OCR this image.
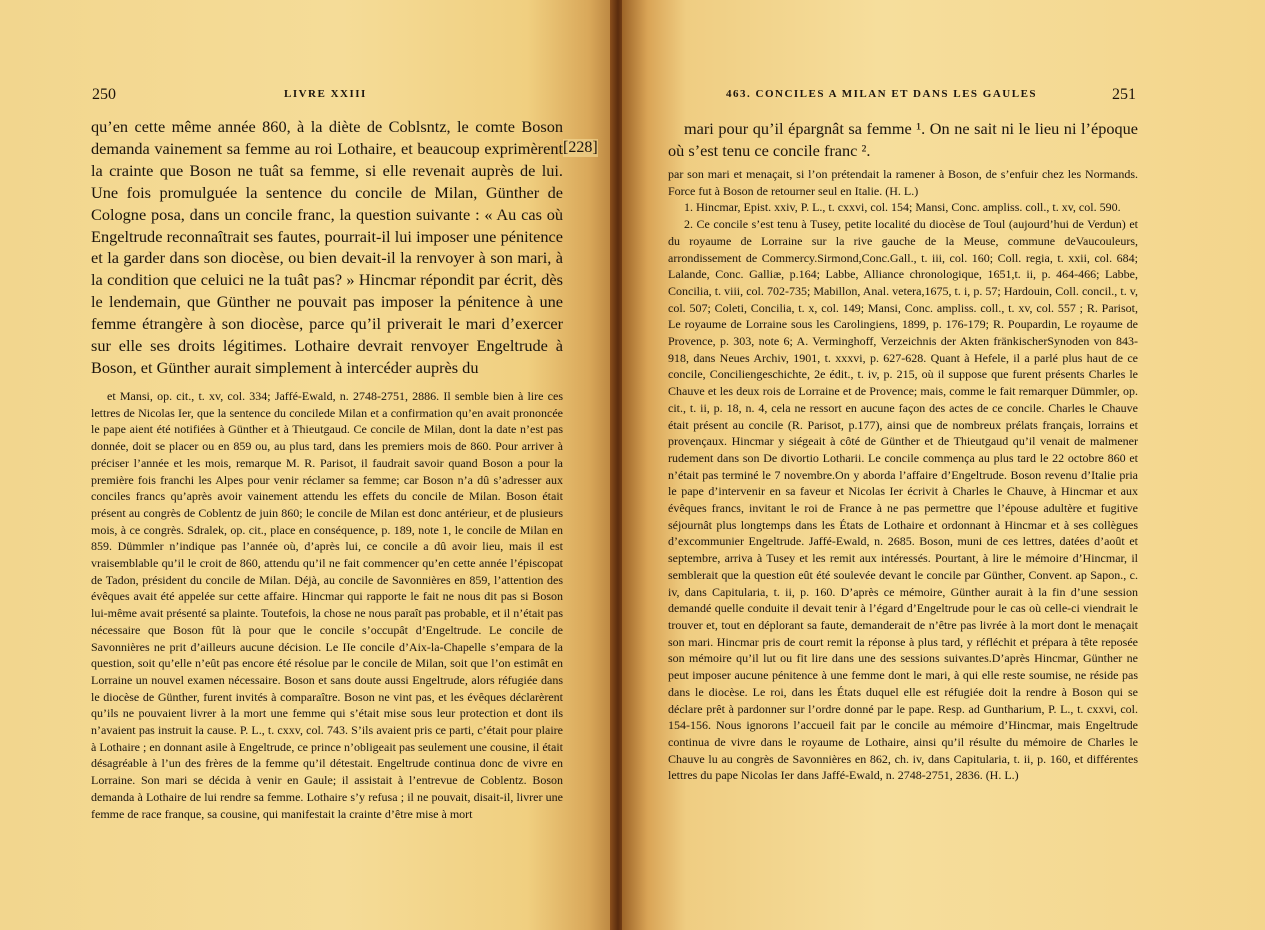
250	LIVRE XXIII

qu’en cette même année 860, à la diète de Coblsntz, le comte Boson demanda vainement sa femme au roi Lothaire, et beaucoup exprimèrent la crainte que Boson ne tuât sa femme, si elle revenait auprès de lui. Une fois promulguée la sentence du concile de Milan, Günther de Cologne posa, dans un concile franc, la question suivante : « Au cas où Engeltrude reconnaîtrait ses fautes, pourrait-il lui imposer une pénitence et la garder dans son diocèse, ou bien devait-il la renvoyer à son mari, à la condition que celuici ne la tuât pas? » Hincmar répondit par écrit, dès le lendemain, que Günther ne pouvait pas imposer la pénitence à une femme étrangère à son diocèse, parce qu’il priverait le mari d’exercer sur elle ses droits légitimes. Lothaire devrait renvoyer Engeltrude à Boson, et Günther aurait simplement à intercéder auprès du

[228]

et Mansi, op. cit., t. xv, col. 334; Jaffé-Ewald, n. 2748-2751, 2886. Il semble bien à lire ces lettres de Nicolas Ier, que la sentence du concilede Milan et a confirmation qu’en avait prononcée le pape aient été notifiées à Günther et à Thieutgaud. Ce concile de Milan, dont la date n’est pas donnée, doit se placer ou en 859 ou, au plus tard, dans les premiers mois de 860. Pour arriver à préciser l’année et les mois, remarque M. R. Parisot, il faudrait savoir quand Boson a pour la première fois franchi les Alpes pour venir réclamer sa femme; car Boson n’a dû s’adresser aux conciles francs qu’après avoir vainement attendu les effets du concile de Milan. Boson était présent au congrès de Coblentz de juin 860; le concile de Milan est donc antérieur, et de plusieurs mois, à ce congrès. Sdralek, op. cit., place en conséquence, p. 189, note 1, le concile de Milan en 859. Dümmler n’indique pas l’année où, d’après lui, ce concile a dû avoir lieu, mais il est vraisemblable qu’il le croit de 860, attendu qu’il ne fait commencer qu’en cette année l’épiscopat de Tadon, président du concile de Milan. Déjà, au concile de Savonnières en 859, l’attention des évêques avait été appelée sur cette affaire. Hincmar qui rapporte le fait ne nous dit pas si Boson lui-même avait présenté sa plainte. Toutefois, la chose ne nous paraît pas probable, et il n’était pas nécessaire que Boson fût là pour que le concile s’occupât d’Engeltrude. Le concile de Savonnières ne prit d’ailleurs aucune décision. Le IIe concile d’Aix-la-Chapelle s’empara de la question, soit qu’elle n’eût pas encore été résolue par le concile de Milan, soit que l’on estimât en Lorraine un nouvel examen nécessaire. Boson et sans doute aussi Engeltrude, alors réfugiée dans le diocèse de Günther, furent invités à comparaître. Boson ne vint pas, et les évêques déclarèrent qu’ils ne pouvaient livrer à la mort une femme qui s’était mise sous leur protection et dont ils n’avaient pas instruit la cause. P. L., t. cxxv, col. 743. S’ils avaient pris ce parti, c’était pour plaire à Lothaire ; en donnant asile à Engeltrude, ce prince n’obligeait pas seulement une cousine, il était désagréable à l’un des frères de la femme qu’il détestait. Engeltrude continua donc de vivre en Lorraine. Son mari se décida à venir en Gaule; il assistait à l’entrevue de Coblentz. Boson demanda à Lothaire de lui rendre sa femme. Lothaire s’y refusa ; il ne pouvait, disait-il, livrer une femme de race franque, sa cousine, qui manifestait la crainte d’être mise à mort

463. CONCILES A MILAN ET DANS LES GAULES	251

mari pour qu’il épargnât sa femme ¹. On ne sait ni le lieu ni l’époque où s’est tenu ce concile franc ².

par son mari et menaçait, si l’on prétendait la ramener à Boson, de s’enfuir chez les Normands. Force fut à Boson de retourner seul en Italie. (H. L.)

1. Hincmar, Epist. xxiv, P. L., t. cxxvi, col. 154; Mansi, Conc. ampliss. coll., t. xv, col. 590.

2. Ce concile s’est tenu à Tusey, petite localité du diocèse de Toul (aujourd’hui de Verdun) et du royaume de Lorraine sur la rive gauche de la Meuse, commune deVaucouleurs, arrondissement de Commercy.Sirmond,Conc.Gall., t. iii, col. 160; Coll. regia, t. xxii, col. 684; Lalande, Conc. Galliæ, p.164; Labbe, Alliance chronologique, 1651,t. ii, p. 464-466; Labbe, Concilia, t. viii, col. 702-735; Mabillon, Anal. vetera,1675, t. i, p. 57; Hardouin, Coll. concil., t. v, col. 507; Coleti, Concilia, t. x, col. 149; Mansi, Conc. ampliss. coll., t. xv, col. 557 ; R. Parisot, Le royaume de Lorraine sous les Carolingiens, 1899, p. 176-179; R. Poupardin, Le royaume de Provence, p. 303, note 6; A. Verminghoff, Verzeichnis der Akten fränkischerSynoden von 843-918, dans Neues Archiv, 1901, t. xxxvi, p. 627-628. Quant à Hefele, il a parlé plus haut de ce concile, Conciliengeschichte, 2e édit., t. iv, p. 215, où il suppose que furent présents Charles le Chauve et les deux rois de Lorraine et de Provence; mais, comme le fait remarquer Dümmler, op. cit., t. ii, p. 18, n. 4, cela ne ressort en aucune façon des actes de ce concile. Charles le Chauve était présent au concile (R. Parisot, p.177), ainsi que de nombreux prélats français, lorrains et provençaux. Hincmar y siégeait à côté de Günther et de Thieutgaud qu’il venait de malmener rudement dans son De divortio Lotharii. Le concile commença au plus tard le 22 octobre 860 et n’était pas terminé le 7 novembre.On y aborda l’affaire d’Engeltrude. Boson revenu d’Italie pria le pape d’intervenir en sa faveur et Nicolas Ier écrivit à Charles le Chauve, à Hincmar et aux évêques francs, invitant le roi de France à ne pas permettre que l’épouse adultère et fugitive séjournât plus longtemps dans les États de Lothaire et ordonnant à Hincmar et à ses collègues d’excommunier Engeltrude. Jaffé-Ewald, n. 2685. Boson, muni de ces lettres, datées d’août et septembre, arriva à Tusey et les remit aux intéressés. Pourtant, à lire le mémoire d’Hincmar, il semblerait que la question eût été soulevée devant le concile par Günther, Convent. ap Sapon., c. iv, dans Capitularia, t. ii, p. 160. D’après ce mémoire, Günther aurait à la fin d’une session demandé quelle conduite il devait tenir à l’égard d’Engeltrude pour le cas où celle-ci viendrait le trouver et, tout en déplorant sa faute, demanderait de n’être pas livrée à la mort dont le menaçait son mari. Hincmar pris de court remit la réponse à plus tard, y réfléchit et prépara à tête reposée son mémoire qu’il lut ou fit lire dans une des sessions suivantes.D’après Hincmar, Günther ne peut imposer aucune pénitence à une femme dont le mari, à qui elle reste soumise, ne réside pas dans le diocèse. Le roi, dans les États duquel elle est réfugiée doit la rendre à Boson qui se déclare prêt à pardonner sur l’ordre donné par le pape. Resp. ad Guntharium, P. L., t. cxxvi, col. 154-156. Nous ignorons l’accueil fait par le concile au mémoire d’Hincmar, mais Engeltrude continua de vivre dans le royaume de Lothaire, ainsi qu’il résulte du mémoire de Charles le Chauve lu au congrès de Savonnières en 862, ch. iv, dans Capitularia, t. ii, p. 160, et différentes lettres du pape Nicolas Ier dans Jaffé-Ewald, n. 2748-2751, 2836. (H. L.)
